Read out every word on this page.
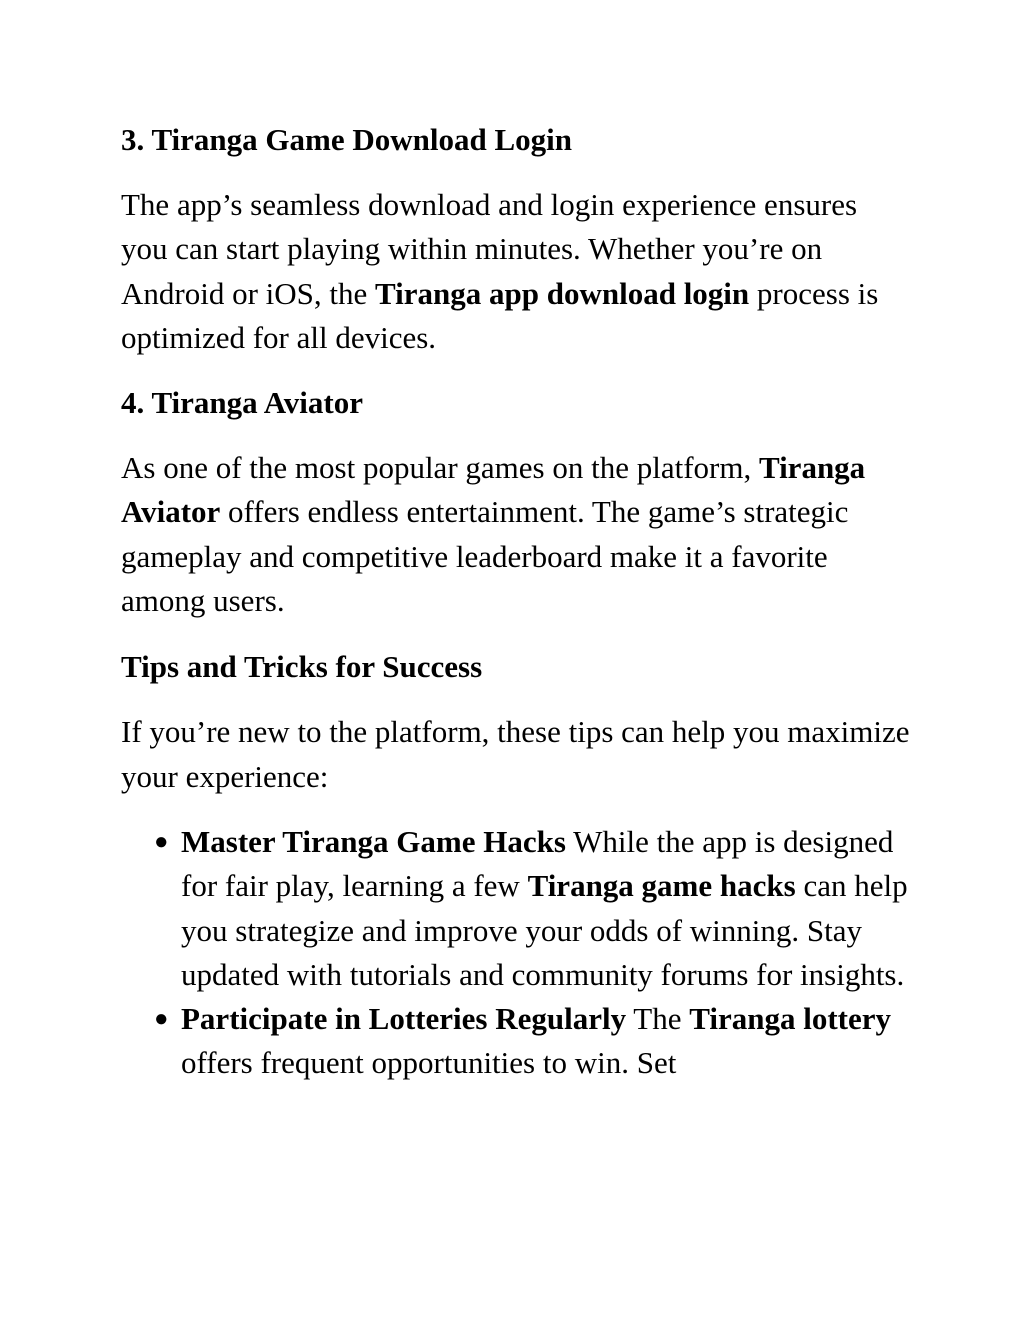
3. Tiranga Game Download Login

The app’s seamless download and login experience ensures you can start playing within minutes. Whether you’re on Android or iOS, the Tiranga app download login process is optimized for all devices.

4. Tiranga Aviator

As one of the most popular games on the platform, Tiranga Aviator offers endless entertainment. The game’s strategic gameplay and competitive leaderboard make it a favorite among users.

Tips and Tricks for Success

If you’re new to the platform, these tips can help you maximize your experience:

● Master Tiranga Game Hacks While the app is designed for fair play, learning a few Tiranga game hacks can help you strategize and improve your odds of winning. Stay updated with tutorials and community forums for insights.
● Participate in Lotteries Regularly The Tiranga lottery offers frequent opportunities to win. Set
